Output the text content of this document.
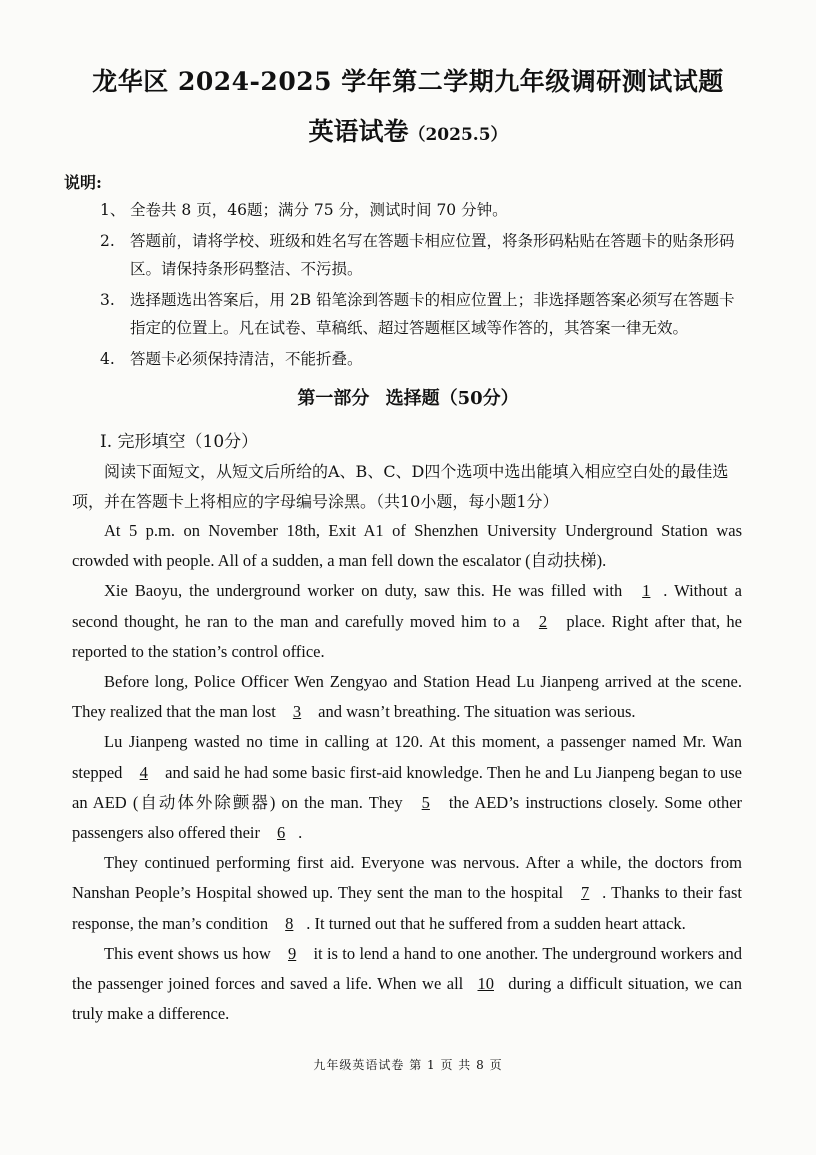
龙华区 2024-2025 学年第二学期九年级调研测试试题
英语试卷（2025.5）
说明:
1、 全卷共 8 页，46题；满分 75 分，测试时间 70 分钟。
2. 答题前，请将学校、班级和姓名写在答题卡相应位置，将条形码粘贴在答题卡的贴条形码区。请保持条形码整洁、不污损。
3. 选择题选出答案后，用 2B 铅笔涂到答题卡的相应位置上；非选择题答案必须写在答题卡指定的位置上。凡在试卷、草稿纸、超过答题框区域等作答的，其答案一律无效。
4. 答题卡必须保持清洁，不能折叠。
第一部分 选择题（50分）
I. 完形填空（10分）
阅读下面短文，从短文后所给的A、B、C、D四个选项中选出能填入相应空白处的最佳选项，并在答题卡上将相应的字母编号涂黑。（共10小题，每小题1分）

At 5 p.m. on November 18th, Exit A1 of Shenzhen University Underground Station was crowded with people. All of a sudden, a man fell down the escalator (自动扶梯).

Xie Baoyu, the underground worker on duty, saw this. He was filled with 1 . Without a second thought, he ran to the man and carefully moved him to a 2 place. Right after that, he reported to the station’s control office.

Before long, Police Officer Wen Zengyao and Station Head Lu Jianpeng arrived at the scene. They realized that the man lost 3 and wasn’t breathing. The situation was serious.

Lu Jianpeng wasted no time in calling at 120. At this moment, a passenger named Mr. Wan stepped 4 and said he had some basic first-aid knowledge. Then he and Lu Jianpeng began to use an AED (自动体外除颤器) on the man. They 5 the AED’s instructions closely. Some other passengers also offered their 6 .

They continued performing first aid. Everyone was nervous. After a while, the doctors from Nanshan People’s Hospital showed up. They sent the man to the hospital 7 . Thanks to their fast response, the man’s condition 8 . It turned out that he suffered from a sudden heart attack.

This event shows us how 9 it is to lend a hand to one another. The underground workers and the passenger joined forces and saved a life. When we all 10 during a difficult situation, we can truly make a difference.

九年级英语试卷 第 1 页 共 8 页
